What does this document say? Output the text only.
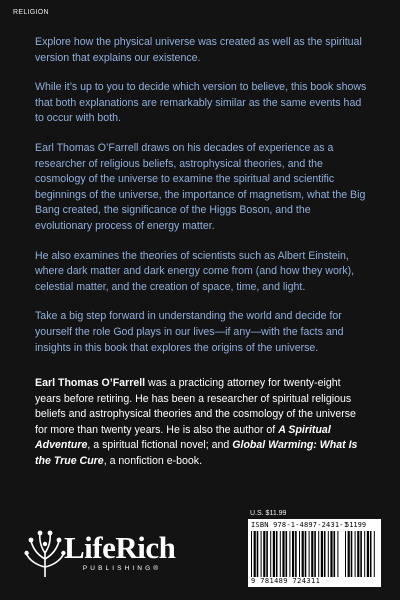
RELIGION

Explore how the physical universe was created as well as the spiritual version that explains our existence.

While it’s up to you to decide which version to believe, this book shows that both explanations are remarkably similar as the same events had to occur with both.

Earl Thomas O’Farrell draws on his decades of experience as a researcher of religious beliefs, astrophysical theories, and the cosmology of the universe to examine the spiritual and scientific beginnings of the universe, the importance of magnetism, what the Big Bang created, the significance of the Higgs Boson, and the evolutionary process of energy matter.

He also examines the theories of scientists such as Albert Einstein, where dark matter and dark energy come from (and how they work), celestial matter, and the creation of space, time, and light.

Take a big step forward in understanding the world and decide for yourself the role God plays in our lives—if any—with the facts and insights in this book that explores the origins of the universe.

Earl Thomas O’Farrell was a practicing attorney for twenty-eight years before retiring. He has been a researcher of spiritual religious beliefs and astrophysical theories and the cosmology of the universe for more than twenty years. He is also the author of A Spiritual Adventure, a spiritual fictional novel; and Global Warming: What Is the True Cure, a nonfiction e-book.

LifeRich
PUBLISHING®
U.S. $11.99
ISBN 978-1-4897-2431-1
51199
9 781489 724311
